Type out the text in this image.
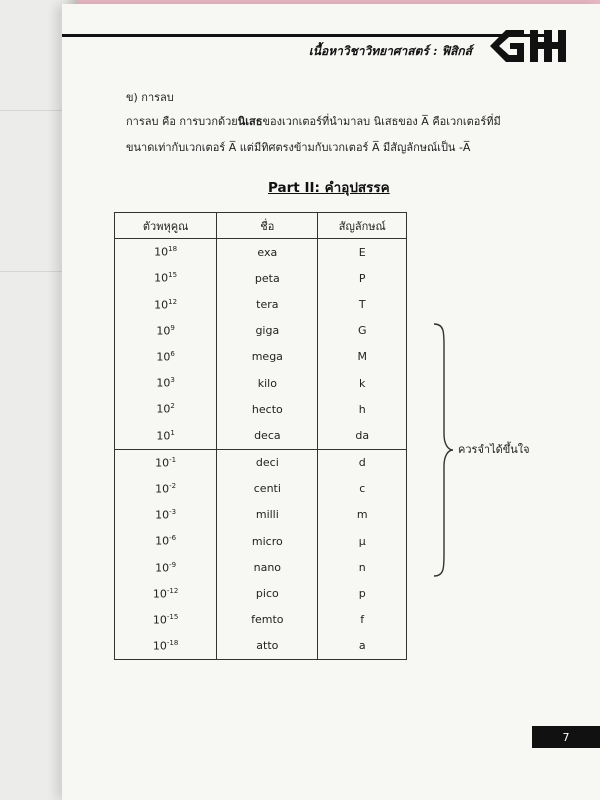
เนื้อหาวิชาวิทยาศาสตร์ : ฟิสิกส์
ข) การลบ
การลบ คือ การบวกด้วยนิเสธของเวกเตอร์ที่นำมาลบ นิเสธของ A̅ คือเวกเตอร์ที่มี
ขนาดเท่ากับเวกเตอร์ A̅ แต่มีทิศตรงข้ามกับเวกเตอร์ A̅ มีสัญลักษณ์เป็น -A̅
Part II: คำอุปสรรค
ตัวพหุคูณ	ชื่อ	สัญลักษณ์
$10^{18}$	exa	E
$10^{15}$	peta	P
$10^{12}$	tera	T
$10^9$	giga	G
$10^6$	mega	M
$10^3$	kilo	k
$10^2$	hecto	h
$10^1$	deca	da
$10^{-1}$	deci	d
$10^{-2}$	centi	c
$10^{-3}$	milli	m
$10^{-6}$	micro	μ
$10^{-9}$	nano	n
$10^{-12}$	pico	p
$10^{-15}$	femto	f
$10^{-18}$	atto	a
ควรจำได้ขึ้นใจ
7
